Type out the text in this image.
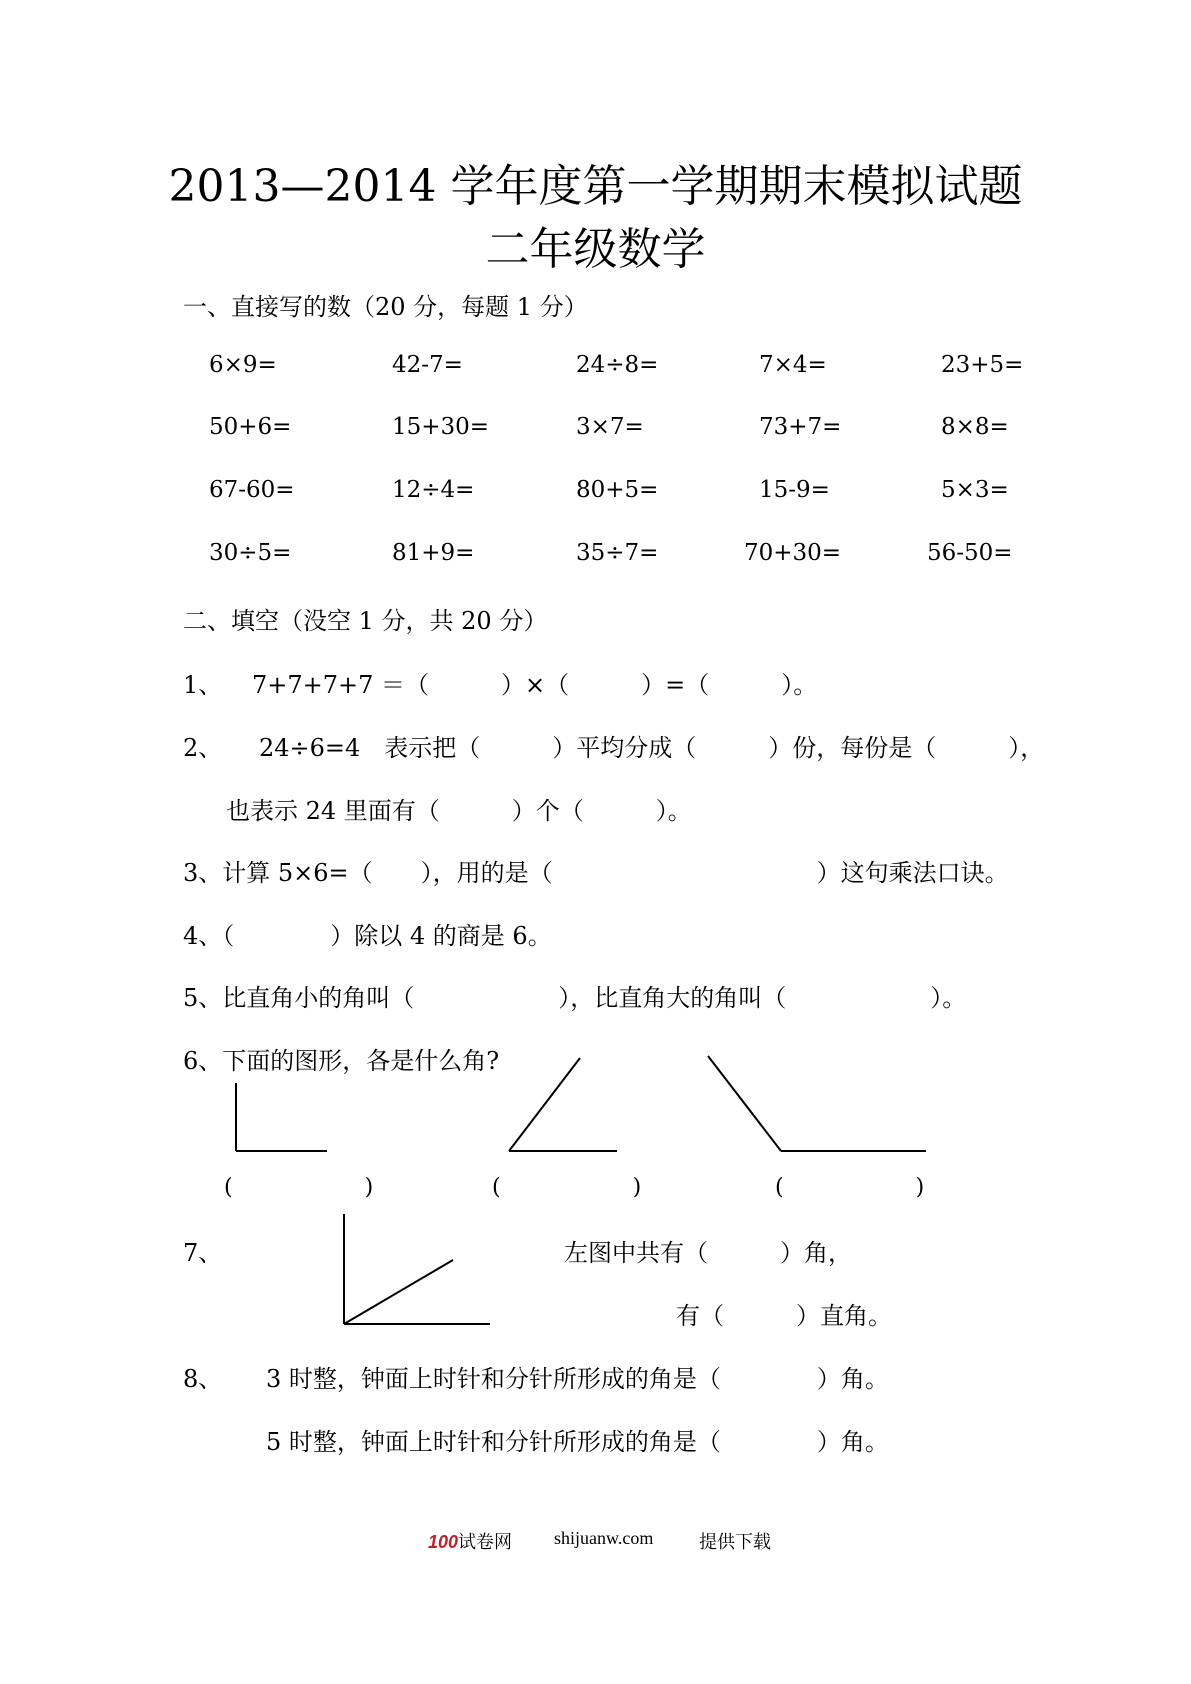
2013—2014 学年度第一学期期末模拟试题
二年级数学
一、直接写的数（20 分，每题 1 分）
6×9=	42-7=	24÷8=	7×4=	23+5=
50+6=	15+30=	3×7=	73+7=	8×8=
67-60=	12÷4=	80+5=	15-9=	5×3=
30÷5=	81+9=	35÷7=	70+30=	56-50=
二、填空（没空 1 分，共 20 分）
1、 7+7+7+7 ＝（　　　）×（　　　）=（　　　）。
2、 24÷6=4　表示把（　　　）平均分成（　　　）份，每份是（　　　），
也表示 24 里面有（　　　）个（　　　）。
3、计算 5×6=（　　），用的是（　　　　　　　　　　　）这句乘法口诀。
4、（　　　　）除以 4 的商是 6。
5、比直角小的角叫（　　　　　　），比直角大的角叫（　　　　　　）。
6、下面的图形，各是什么角?
(　　　　　　)	(　　　　　　)	(　　　　　　)
7、	左图中共有（　　　）角，
有（　　　）直角。
8、 3 时整，钟面上时针和分针所形成的角是（　　　　）角。
5 时整，钟面上时针和分针所形成的角是（　　　　）角。
100试卷网 shijuanw.com	提供下载
